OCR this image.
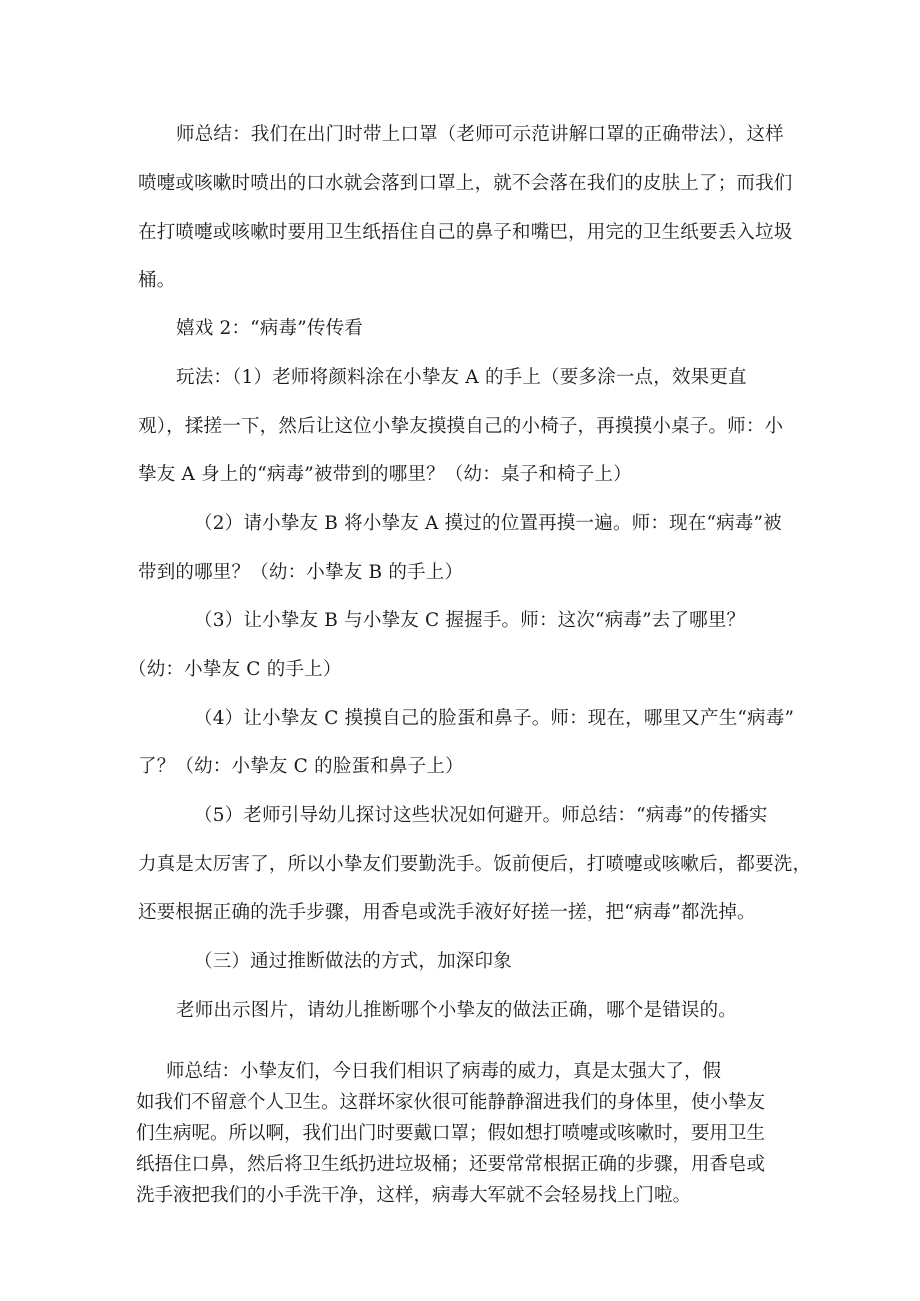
师总结：我们在出门时带上口罩（老师可示范讲解口罩的正确带法），这样
喷嚏或咳嗽时喷出的口水就会落到口罩上，就不会落在我们的皮肤上了；而我们
在打喷嚏或咳嗽时要用卫生纸捂住自己的鼻子和嘴巴，用完的卫生纸要丢入垃圾
桶。
嬉戏 2：“病毒”传传看
玩法：（1）老师将颜料涂在小挚友 A 的手上（要多涂一点，效果更直
观），揉搓一下，然后让这位小挚友摸摸自己的小椅子，再摸摸小桌子。师：小
挚友 A 身上的“病毒”被带到的哪里？（幼：桌子和椅子上）
（2）请小挚友 B 将小挚友 A 摸过的位置再摸一遍。师：现在“病毒”被
带到的哪里？（幼：小挚友 B 的手上）
（3）让小挚友 B 与小挚友 C 握握手。师：这次“病毒”去了哪里？
（幼：小挚友 C 的手上）
（4）让小挚友 C 摸摸自己的脸蛋和鼻子。师：现在，哪里又产生“病毒”
了？（幼：小挚友 C 的脸蛋和鼻子上）
（5）老师引导幼儿探讨这些状况如何避开。师总结：“病毒”的传播实
力真是太厉害了，所以小挚友们要勤洗手。饭前便后，打喷嚏或咳嗽后，都要洗，
还要根据正确的洗手步骤，用香皂或洗手液好好搓一搓，把“病毒”都洗掉。
（三）通过推断做法的方式，加深印象
老师出示图片，请幼儿推断哪个小挚友的做法正确，哪个是错误的。
师总结：小挚友们，今日我们相识了病毒的威力，真是太强大了，假
如我们不留意个人卫生。这群坏家伙很可能静静溜进我们的身体里，使小挚友
们生病呢。所以啊，我们出门时要戴口罩；假如想打喷嚏或咳嗽时，要用卫生
纸捂住口鼻，然后将卫生纸扔进垃圾桶；还要常常根据正确的步骤，用香皂或
洗手液把我们的小手洗干净，这样，病毒大军就不会轻易找上门啦。
